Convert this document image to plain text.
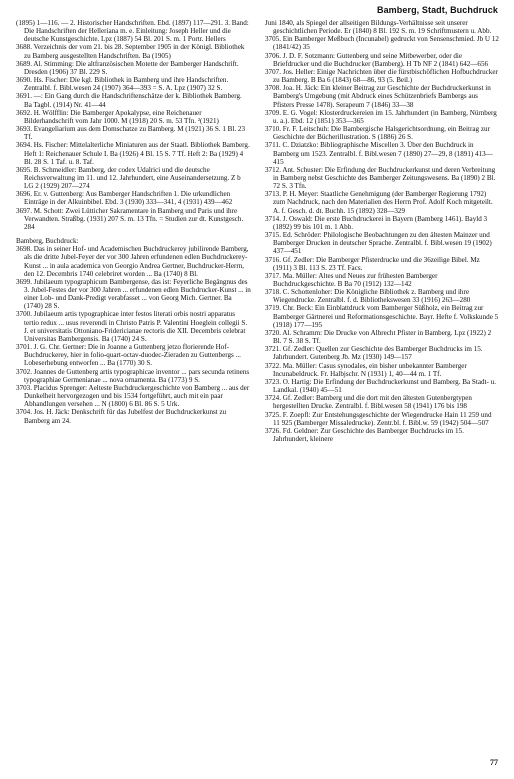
Bamberg, Stadt, Buchdruck

(1895) 1—116. — 2. Historischer Handschriften. Ebd. (1897) 117—291. 3. Band: Die Handschriften der Helleriana m. e. Einleitung: Joseph Heller und die deutsche Kunstgeschichte. Lpz (1887) 54 Bl. 201 S. m. 1 Portr. Hellers

3688. Verzeichnis der vom 21. bis 28. September 1905 in der Königl. Bibliothek zu Bamberg ausgestellten Handschriften. Ba (1905)

3689. Al. Stimming: Die altfranzösischen Motette der Bamberger Handschrift. Dresden (1906) 37 Bl. 229 S.

3690. Hs. Fischer: Die kgl. Bibliothek in Bamberg und ihre Handschriften. Zentralbl. f. Bibl.wesen 24 (1907) 364—393 = S. A. Lpz (1907) 32 S.

3691. —: Ein Gang durch die Handschriftenschätze der k. Bibliothek Bamberg. Ba Tagbl. (1914) Nr. 41—44

3692. H. Wölfflin: Die Bamberger Apokalypse, eine Reichenauer Bilderhandschrift vom Jahr 1000. M (1918) 20 S. m. 53 Tfn. ²(1921)

3693. Evangeliarium aus dem Domschatze zu Bamberg. M (1921) 36 S. 1 Bl. 23 Tf.

3694. Hs. Fischer: Mittelalterliche Miniaturen aus der Staatl. Bibliothek Bamberg. Heft 1: Reichenauer Schule I. Ba (1926) 4 Bl. 15 S. 7 Tf. Heft 2: Ba (1929) 4 Bl. 28 S. 1 Taf. u. 8. Taf.

3695. B. Schmeidler: Bamberg, der codex Udalrici und die deutsche Reichsverwaltung im 11. und 12. Jahrhundert, eine Auseinandersetzung. Z b LG 2 (1929) 207—274

3696. Er. v. Guttenberg: Aus Bamberger Handschriften 1. Die urkundlichen Einträge in der Alkuinbibel. Ebd. 3 (1930) 333—341, 4 (1931) 439—462

3697. M. Schott: Zwei Lütticher Sakramentare in Bamberg und Paris und ihre Verwandten. Straßbg. (1931) 207 S. m. 13 Tfn. = Studien zur dt. Kunstgesch. 284

Bamberg, Buchdruck:

3698. Das in seiner Hof- und Academischen Buchdruckerey jubilirende Bamberg, als die dritte Jubel-Feyer der vor 300 Jahren erfundenen edlen Buchdruckerey-Kunst ... in aula academica von Georgio Andrea Gertner, Buchdrucker-Herrn, den 12. Decembris 1740 celebriret worden ... Ba (1740) 8 Bl.

3699. Jubilaeum typographicum Bambergense, das ist: Feyerliche Begängnus des 3. Jubel-Festes der vor 300 Jahren ... erfundenen edlen Buchdrucker-Kunst ... in einer Lob- und Dank-Predigt verabfasset ... von Georg Mich. Gertner. Ba (1740) 28 S.

3700. Jubilaeum artis typographicae inter festos literati orbis nostri apparatus tertio redux ... usus reverendi in Christo Patris P. Valentini Hoeglein collegii S. J. et universitatis Ottoniano-Fridericianae rectoris die XII. Decembris celebrat Universitas Bambergensis. Ba (1740) 24 S.

3701. J. G. Chr. Gertner: Die in Joanne a Guttenberg jetzo florierende Hof-Buchdruckerey, hier in folio-quart-octav-duodec-Zieraden zu Guttenbergs ... Lobeserhebung entworfen ... Ba (1770) 30 S.

3702. Joannes de Guttenberg artis typographicae inventor ... pars secunda retinens typographiae Germenianae ... nova ornamenta. Ba (1773) 9 S.

3703. Placidus Sprenger: Aelteste Buchdruckergeschichte von Bamberg ... aus der Dunkelheit hervorgezogen und bis 1534 fortgeführt, auch mit ein paar Abhandlungen versehen ... N (1800) 6 Bl. 86 S. 5 Urk.

3704. Jos. H. Jäck: Denkschrift für das Jubelfest der Buchdruckerkunst zu Bamberg am 24.

Juni 1840, als Spiegel der allseitigen Bildungs-Verhältnisse seit unserer geschichtlichen Periode. Er (1840) 8 Bl. 192 S. m. 19 Schriftmustern u. Abb.

3705. Ein Bamberger Meßbuch (Incunabel) gedruckt von Sensenschmied. Jb U 12 (1841/42) 35

3706. J. D. F. Sotzmann: Guttenberg und seine Mitbewerber, oder die Briefdrucker und die Buchdrucker (Bamberg). H Tb NF 2 (1841) 642—656

3707. Jos. Heller: Einige Nachrichten über die fürstbischöflichen Hofbuchdrucker zu Bamberg. B Ba 6 (1843) 68—86, 93 (5. Beil.)

3708. Joa. H. Jäck: Ein kleiner Beitrag zur Geschichte der Buchdruckerkunst in Bamberg's Umgebung (mit Abdruck eines Schützenbriefs Bambergs aus Pfisters Presse 1478). Serapeum 7 (1846) 33—38

3709. E. G. Vogel: Klosterdruckereien im 15. Jahrhundert (in Bamberg, Nürnberg u. a.). Ebd. 12 (1851) 353—365

3710. Fr. F. Leitschuh: Die Bambergische Halsgerichtsordnung, ein Beitrag zur Geschichte der Bücherillustration. S (1886) 26 S.

3711. C. Dziatzko: Bibliographische Miscellen 3. Über den Buchdruck in Bamberg um 1523. Zentralbl. f. Bibl.wesen 7 (1890) 27—29, 8 (1891) 413—415

3712. Ant. Schuster: Die Erfindung der Buchdruckerkunst und deren Verbreitung in Bamberg nebst Geschichte des Bamberger Zeitungswesens. Ba (1890) 2 Bl. 72 S. 3 Tfn.

3713. P. H. Meyer: Staatliche Genehmigung (der Bamberger Regierung 1792) zum Nachdruck, nach den Materialien des Herrn Prof. Adolf Koch mitgeteilt. A. f. Gesch. d. dt. Buchh. 15 (1892) 328—329

3714. J. Oswald: Die erste Buchdruckerei in Bayern (Bamberg 1461). Bayld 3 (1892) 99 bis 101 m. 1 Abb.

3715. Ed. Schröder: Philologische Beobachtungen zu den ältesten Mainzer und Bamberger Drucken in deutscher Sprache. Zentralbl. f. Bibl.wesen 19 (1902) 437—451

3716. Gf. Zedler: Die Bamberger Pfisterdrucke und die 36zeilige Bibel. Mz (1911) 3 Bl. 113 S. 23 Tf. Facs.

3717. Ma. Müller: Altes und Neues zur frühesten Bamberger Buchdruckgeschichte. B Ba 70 (1912) 132—142

3718. C. Schottenloher: Die Königliche Bibliothek z. Bamberg und ihre Wiegendrucke. Zentralbl. f. d. Bibliothekswesen 33 (1916) 263—280

3719. Chr. Beck: Ein Einblattdruck vom Bamberger Süßholz, ein Beitrag zur Bamberger Gärtnerei und Reformationsgeschichte. Bayr. Hefte f. Volkskunde 5 (1918) 177—195

3720. Al. Schramm: Die Drucke von Albrecht Pfister in Bamberg. Lpz (1922) 2 Bl. 7 S. 38 S. Tf.

3721. Gf. Zedler: Quellen zur Geschichte des Bamberger Buchdrucks im 15. Jahrhundert. Gutenberg Jb. Mz (1930) 149—157

3722. Ma. Müller: Casus synodales, ein bisher unbekannter Bamberger Incunabeldruck. Fr. Halbjschr. N (1931) 1, 40—44 m. 1 Tf.

3723. O. Hartig: Die Erfindung der Buchdruckerkunst und Bamberg. Ba Stadt- u. Landkal. (1940) 45—51

3724. Gf. Zedler: Bamberg und die dort mit den ältesten Gutenbergtypen hergestellten Drucke. Zentralbl. f. Bibl.wesen 58 (1941) 176 bis 198

3725. F. Zoepfl: Zur Entstehungsgeschichte der Wiegendrucke Hain 11 259 und 11 925 (Bamberger Missaledrucke). Zentr.bl. f. Bibl.w. 59 (1942) 504—507

3726. Fd. Geldner: Zur Geschichte des Bamberger Buchdrucks im 15. Jahrhundert, kleinere

77
